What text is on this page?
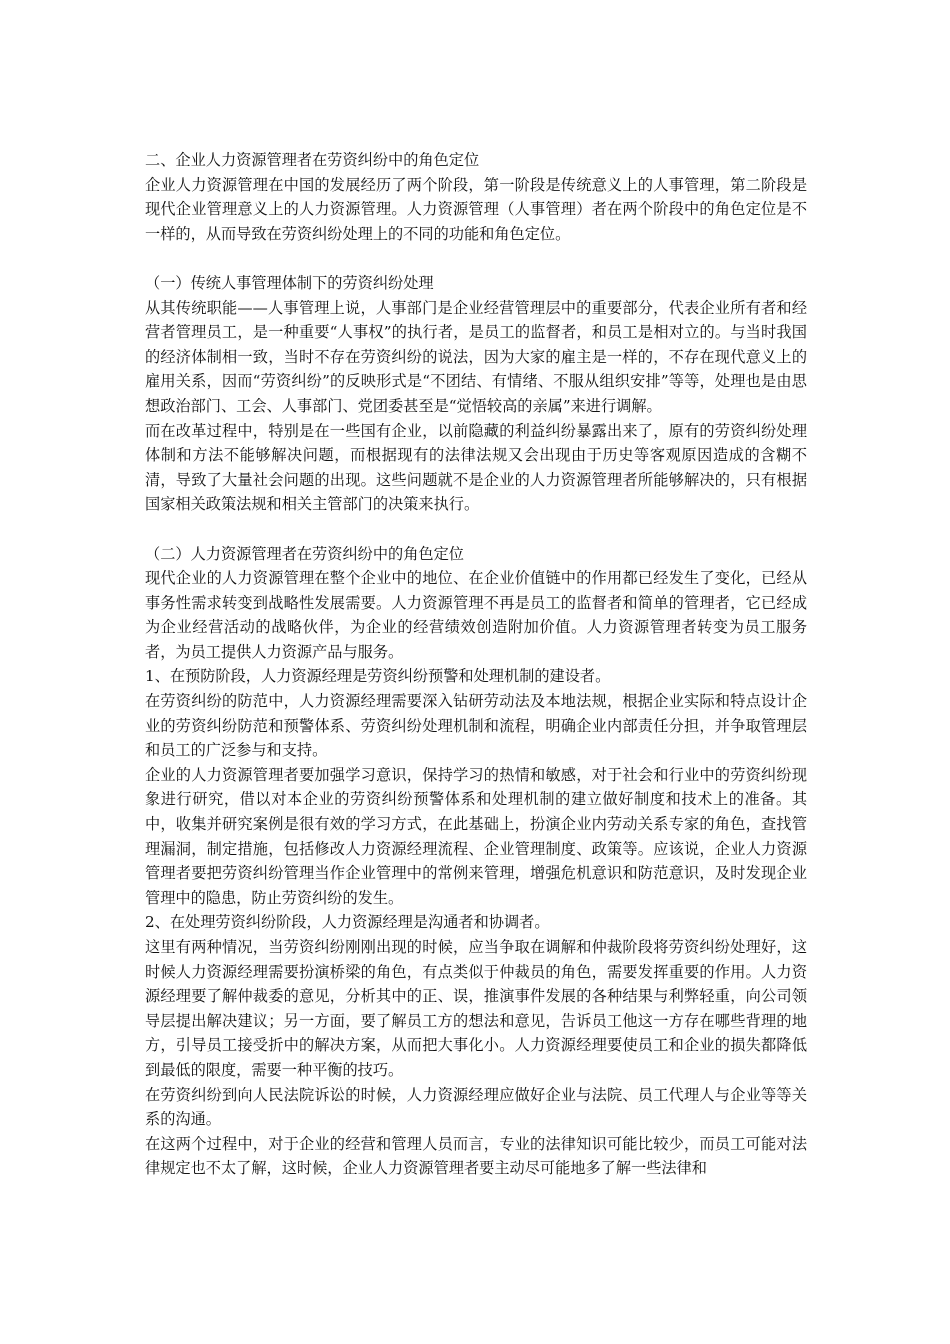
二、企业人力资源管理者在劳资纠纷中的角色定位

企业人力资源管理在中国的发展经历了两个阶段，第一阶段是传统意义上的人事管理，第二阶段是现代企业管理意义上的人力资源管理。人力资源管理（人事管理）者在两个阶段中的角色定位是不一样的，从而导致在劳资纠纷处理上的不同的功能和角色定位。

（一）传统人事管理体制下的劳资纠纷处理

从其传统职能——人事管理上说，人事部门是企业经营管理层中的重要部分，代表企业所有者和经营者管理员工，是一种重要“人事权”的执行者，是员工的监督者，和员工是相对立的。与当时我国的经济体制相一致，当时不存在劳资纠纷的说法，因为大家的雇主是一样的，不存在现代意义上的雇用关系，因而“劳资纠纷”的反映形式是“不团结、有情绪、不服从组织安排”等等，处理也是由思想政治部门、工会、人事部门、党团委甚至是“觉悟较高的亲属”来进行调解。

而在改革过程中，特别是在一些国有企业，以前隐藏的利益纠纷暴露出来了，原有的劳资纠纷处理体制和方法不能够解决问题，而根据现有的法律法规又会出现由于历史等客观原因造成的含糊不清，导致了大量社会问题的出现。这些问题就不是企业的人力资源管理者所能够解决的，只有根据国家相关政策法规和相关主管部门的决策来执行。

（二）人力资源管理者在劳资纠纷中的角色定位

现代企业的人力资源管理在整个企业中的地位、在企业价值链中的作用都已经发生了变化，已经从事务性需求转变到战略性发展需要。人力资源管理不再是员工的监督者和简单的管理者，它已经成为企业经营活动的战略伙伴，为企业的经营绩效创造附加价值。人力资源管理者转变为员工服务者，为员工提供人力资源产品与服务。

1、在预防阶段，人力资源经理是劳资纠纷预警和处理机制的建设者。

在劳资纠纷的防范中，人力资源经理需要深入钻研劳动法及本地法规，根据企业实际和特点设计企业的劳资纠纷防范和预警体系、劳资纠纷处理机制和流程，明确企业内部责任分担，并争取管理层和员工的广泛参与和支持。

企业的人力资源管理者要加强学习意识，保持学习的热情和敏感，对于社会和行业中的劳资纠纷现象进行研究，借以对本企业的劳资纠纷预警体系和处理机制的建立做好制度和技术上的准备。其中，收集并研究案例是很有效的学习方式，在此基础上，扮演企业内劳动关系专家的角色，查找管理漏洞，制定措施，包括修改人力资源经理流程、企业管理制度、政策等。应该说，企业人力资源管理者要把劳资纠纷管理当作企业管理中的常例来管理，增强危机意识和防范意识，及时发现企业管理中的隐患，防止劳资纠纷的发生。

2、在处理劳资纠纷阶段，人力资源经理是沟通者和协调者。

这里有两种情况，当劳资纠纷刚刚出现的时候，应当争取在调解和仲裁阶段将劳资纠纷处理好，这时候人力资源经理需要扮演桥梁的角色，有点类似于仲裁员的角色，需要发挥重要的作用。人力资源经理要了解仲裁委的意见，分析其中的正、误，推演事件发展的各种结果与利弊轻重，向公司领导层提出解决建议；另一方面，要了解员工方的想法和意见，告诉员工他这一方存在哪些背理的地方，引导员工接受折中的解决方案，从而把大事化小。人力资源经理要使员工和企业的损失都降低到最低的限度，需要一种平衡的技巧。

在劳资纠纷到向人民法院诉讼的时候，人力资源经理应做好企业与法院、员工代理人与企业等等关系的沟通。

在这两个过程中，对于企业的经营和管理人员而言，专业的法律知识可能比较少，而员工可能对法律规定也不太了解，这时候，企业人力资源管理者要主动尽可能地多了解一些法律和
